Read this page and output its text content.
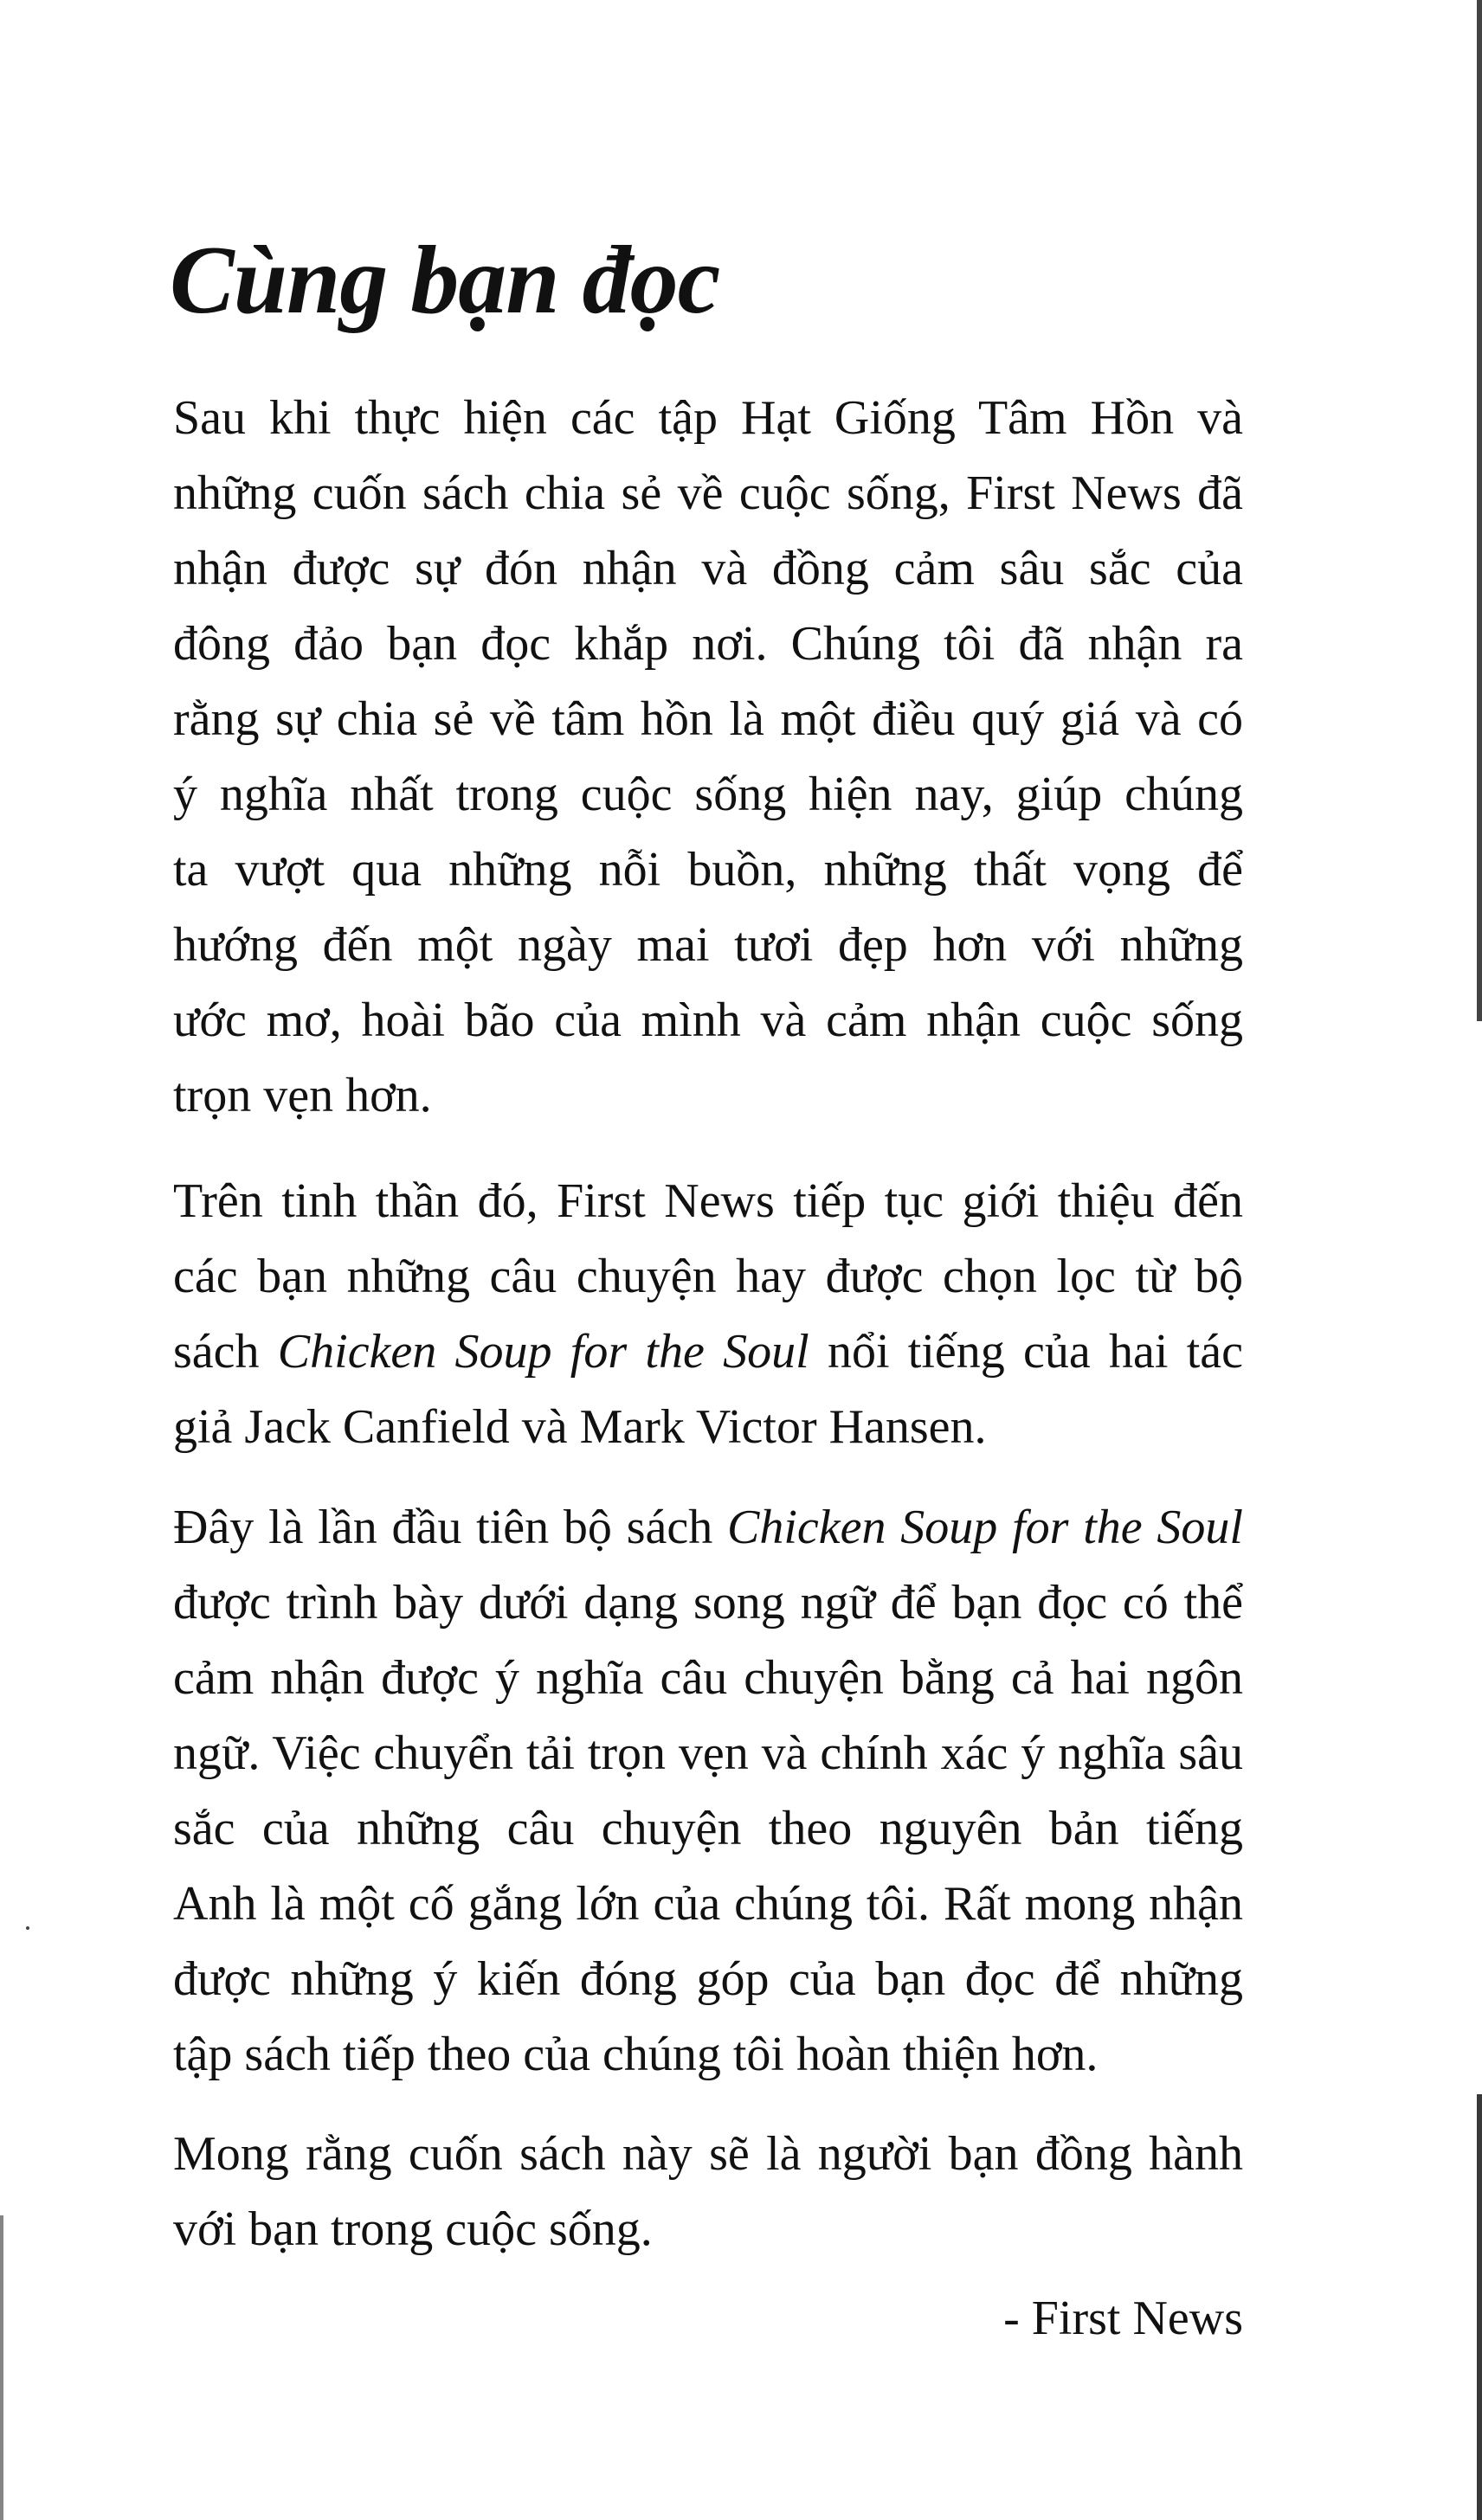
Cùng bạn đọc

Sau khi thực hiện các tập Hạt Giống Tâm Hồn và
những cuốn sách chia sẻ về cuộc sống, First News đã
nhận được sự đón nhận và đồng cảm sâu sắc của
đông đảo bạn đọc khắp nơi. Chúng tôi đã nhận ra
rằng sự chia sẻ về tâm hồn là một điều quý giá và có
ý nghĩa nhất trong cuộc sống hiện nay, giúp chúng
ta vượt qua những nỗi buồn, những thất vọng để
hướng đến một ngày mai tươi đẹp hơn với những
ước mơ, hoài bão của mình và cảm nhận cuộc sống
trọn vẹn hơn.

Trên tinh thần đó, First News tiếp tục giới thiệu đến
các bạn những câu chuyện hay được chọn lọc từ bộ
sách Chicken Soup for the Soul nổi tiếng của hai tác
giả Jack Canfield và Mark Victor Hansen.

Đây là lần đầu tiên bộ sách Chicken Soup for the Soul
được trình bày dưới dạng song ngữ để bạn đọc có thể
cảm nhận được ý nghĩa câu chuyện bằng cả hai ngôn
ngữ. Việc chuyển tải trọn vẹn và chính xác ý nghĩa sâu
sắc của những câu chuyện theo nguyên bản tiếng
Anh là một cố gắng lớn của chúng tôi. Rất mong nhận
được những ý kiến đóng góp của bạn đọc để những
tập sách tiếp theo của chúng tôi hoàn thiện hơn.

Mong rằng cuốn sách này sẽ là người bạn đồng hành
với bạn trong cuộc sống.

- First News
